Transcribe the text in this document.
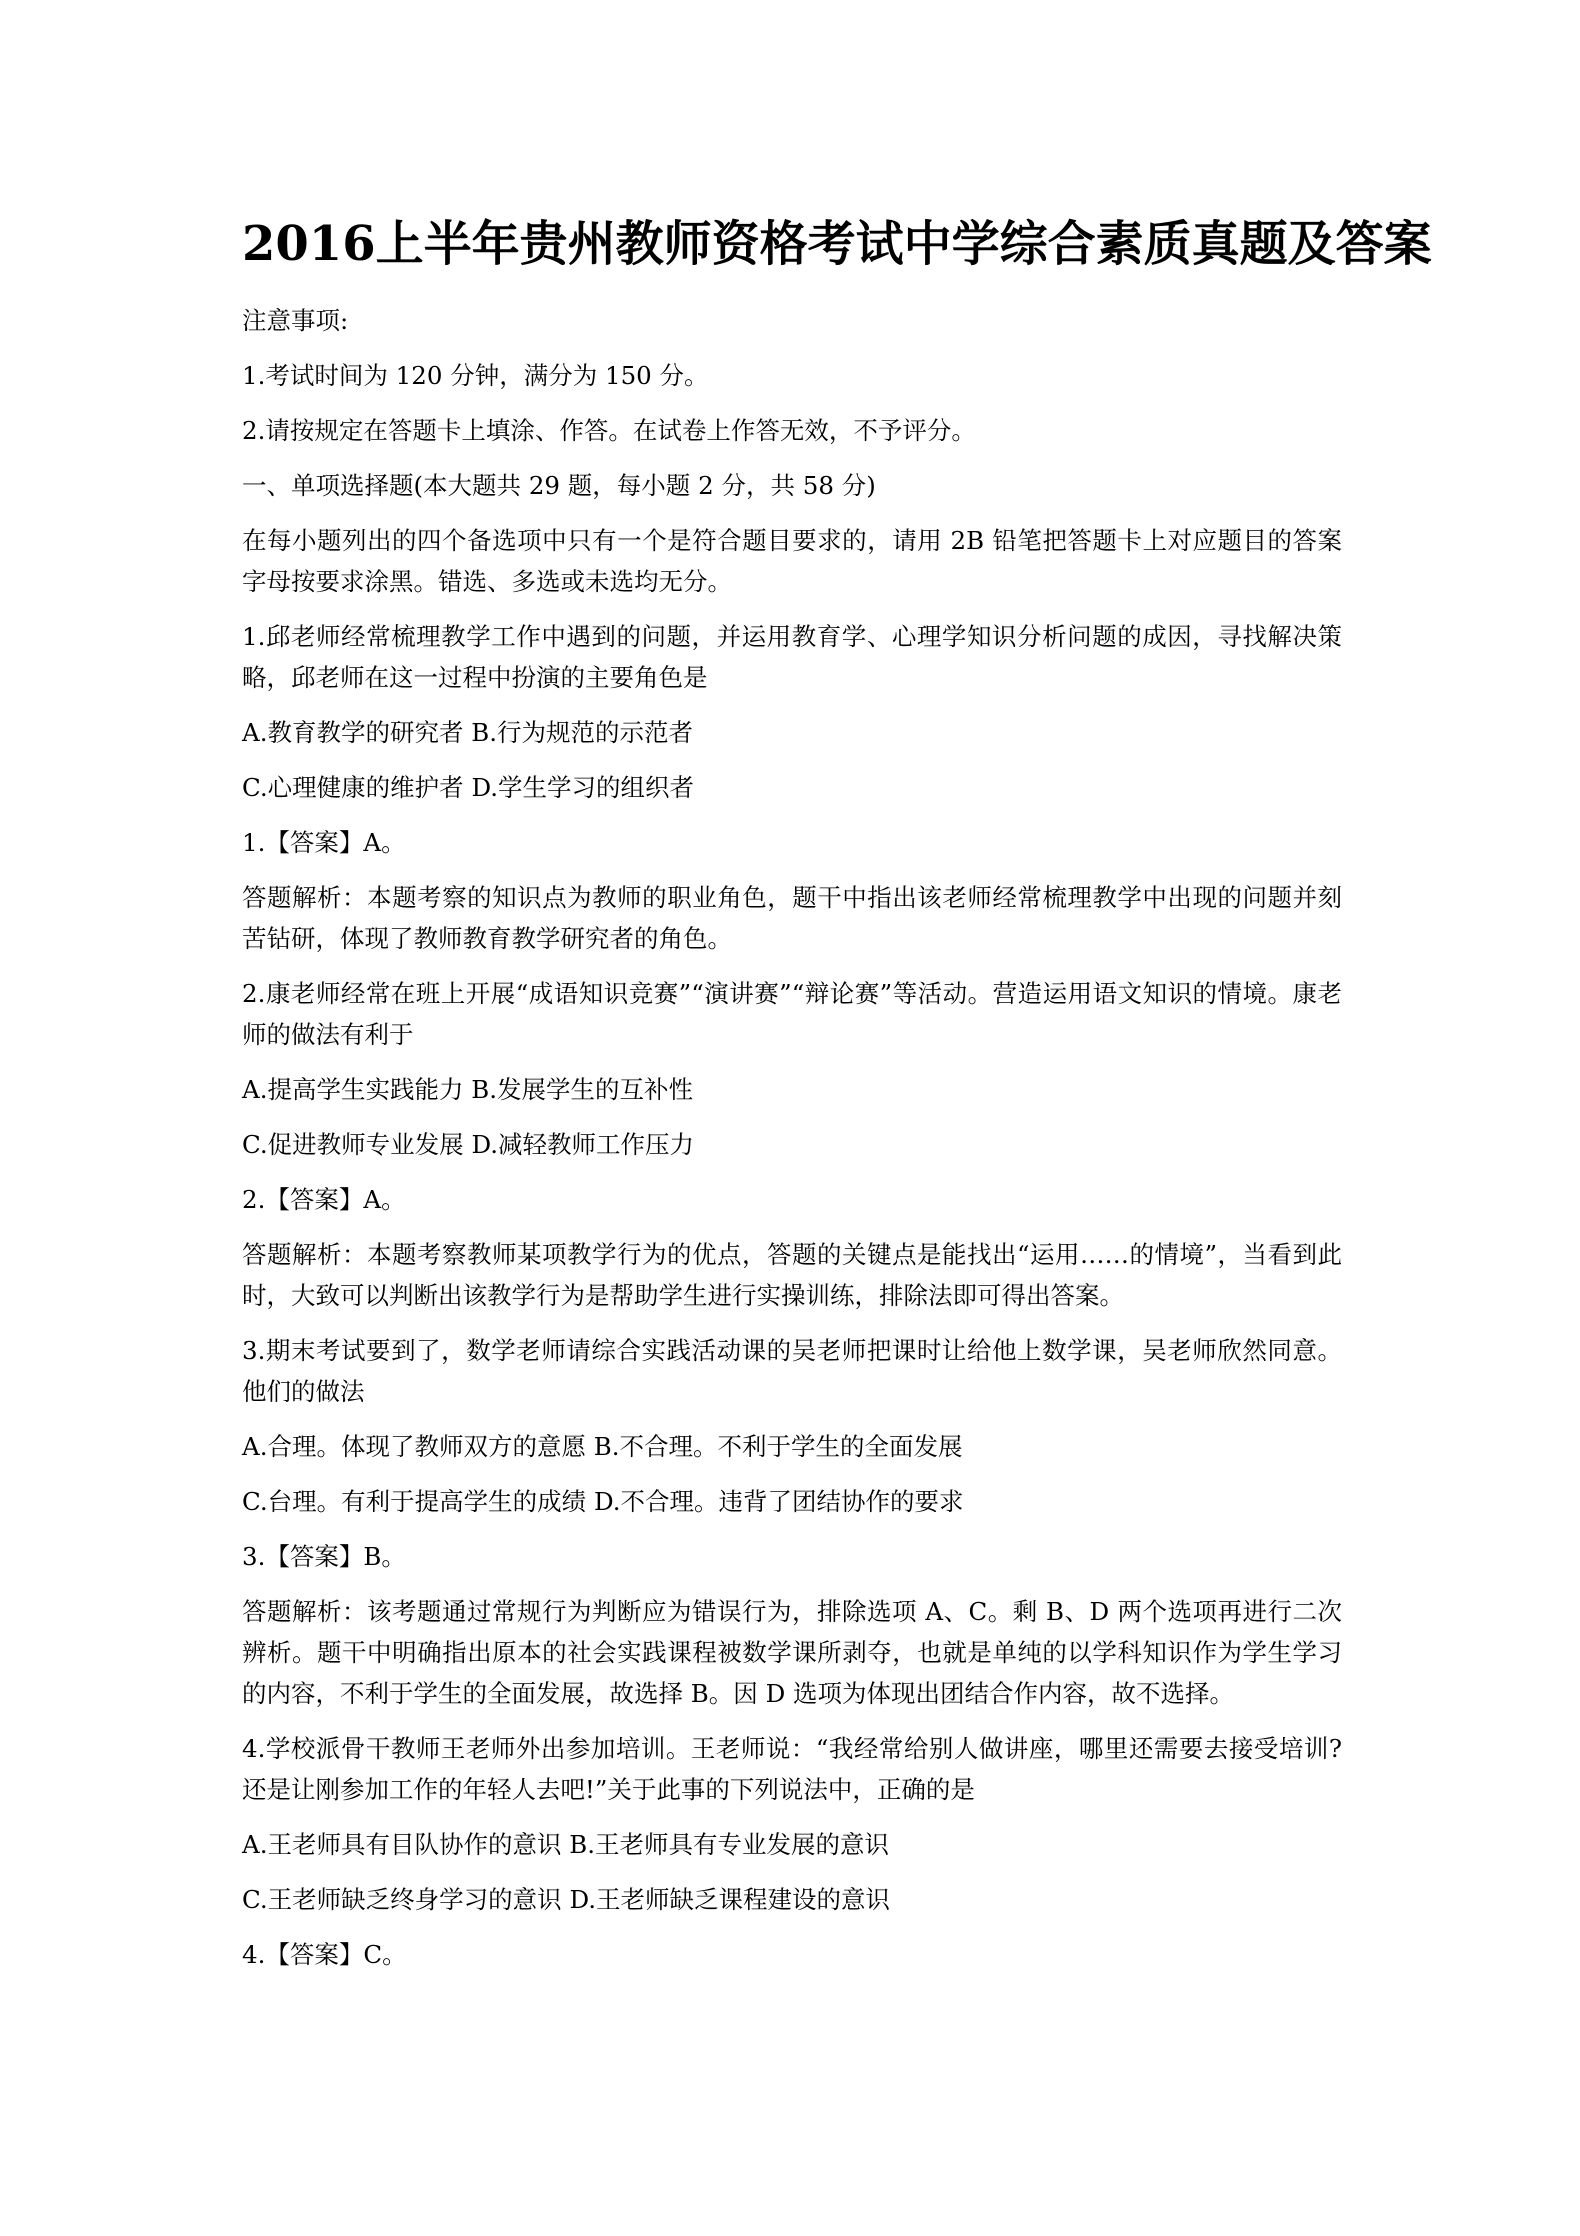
2016上半年贵州教师资格考试中学综合素质真题及答案

注意事项:

1.考试时间为 120 分钟，满分为 150 分。

2.请按规定在答题卡上填涂、作答。在试卷上作答无效，不予评分。

一、单项选择题(本大题共 29 题，每小题 2 分，共 58 分)

在每小题列出的四个备选项中只有一个是符合题目要求的，请用 2B 铅笔把答题卡上对应题目的答案字母按要求涂黑。错选、多选或未选均无分。

1.邱老师经常梳理教学工作中遇到的问题，并运用教育学、心理学知识分析问题的成因，寻找解决策略，邱老师在这一过程中扮演的主要角色是

A.教育教学的研究者 B.行为规范的示范者

C.心理健康的维护者 D.学生学习的组织者

1.【答案】A。

答题解析：本题考察的知识点为教师的职业角色，题干中指出该老师经常梳理教学中出现的问题并刻苦钻研，体现了教师教育教学研究者的角色。

2.康老师经常在班上开展“成语知识竞赛”“演讲赛”“辩论赛”等活动。营造运用语文知识的情境。康老师的做法有利于

A.提高学生实践能力 B.发展学生的互补性

C.促进教师专业发展 D.减轻教师工作压力

2.【答案】A。

答题解析：本题考察教师某项教学行为的优点，答题的关键点是能找出“运用……的情境”，当看到此时，大致可以判断出该教学行为是帮助学生进行实操训练，排除法即可得出答案。

3.期末考试要到了，数学老师请综合实践活动课的吴老师把课时让给他上数学课，吴老师欣然同意。他们的做法

A.合理。体现了教师双方的意愿 B.不合理。不利于学生的全面发展

C.台理。有利于提高学生的成绩 D.不合理。违背了团结协作的要求

3.【答案】B。

答题解析：该考题通过常规行为判断应为错误行为，排除选项 A、C。剩 B、D 两个选项再进行二次辨析。题干中明确指出原本的社会实践课程被数学课所剥夺，也就是单纯的以学科知识作为学生学习的内容，不利于学生的全面发展，故选择 B。因 D 选项为体现出团结合作内容，故不选择。

4.学校派骨干教师王老师外出参加培训。王老师说：“我经常给别人做讲座，哪里还需要去接受培训?还是让刚参加工作的年轻人去吧!”关于此事的下列说法中，正确的是

A.王老师具有目队协作的意识 B.王老师具有专业发展的意识

C.王老师缺乏终身学习的意识 D.王老师缺乏课程建设的意识

4.【答案】C。
